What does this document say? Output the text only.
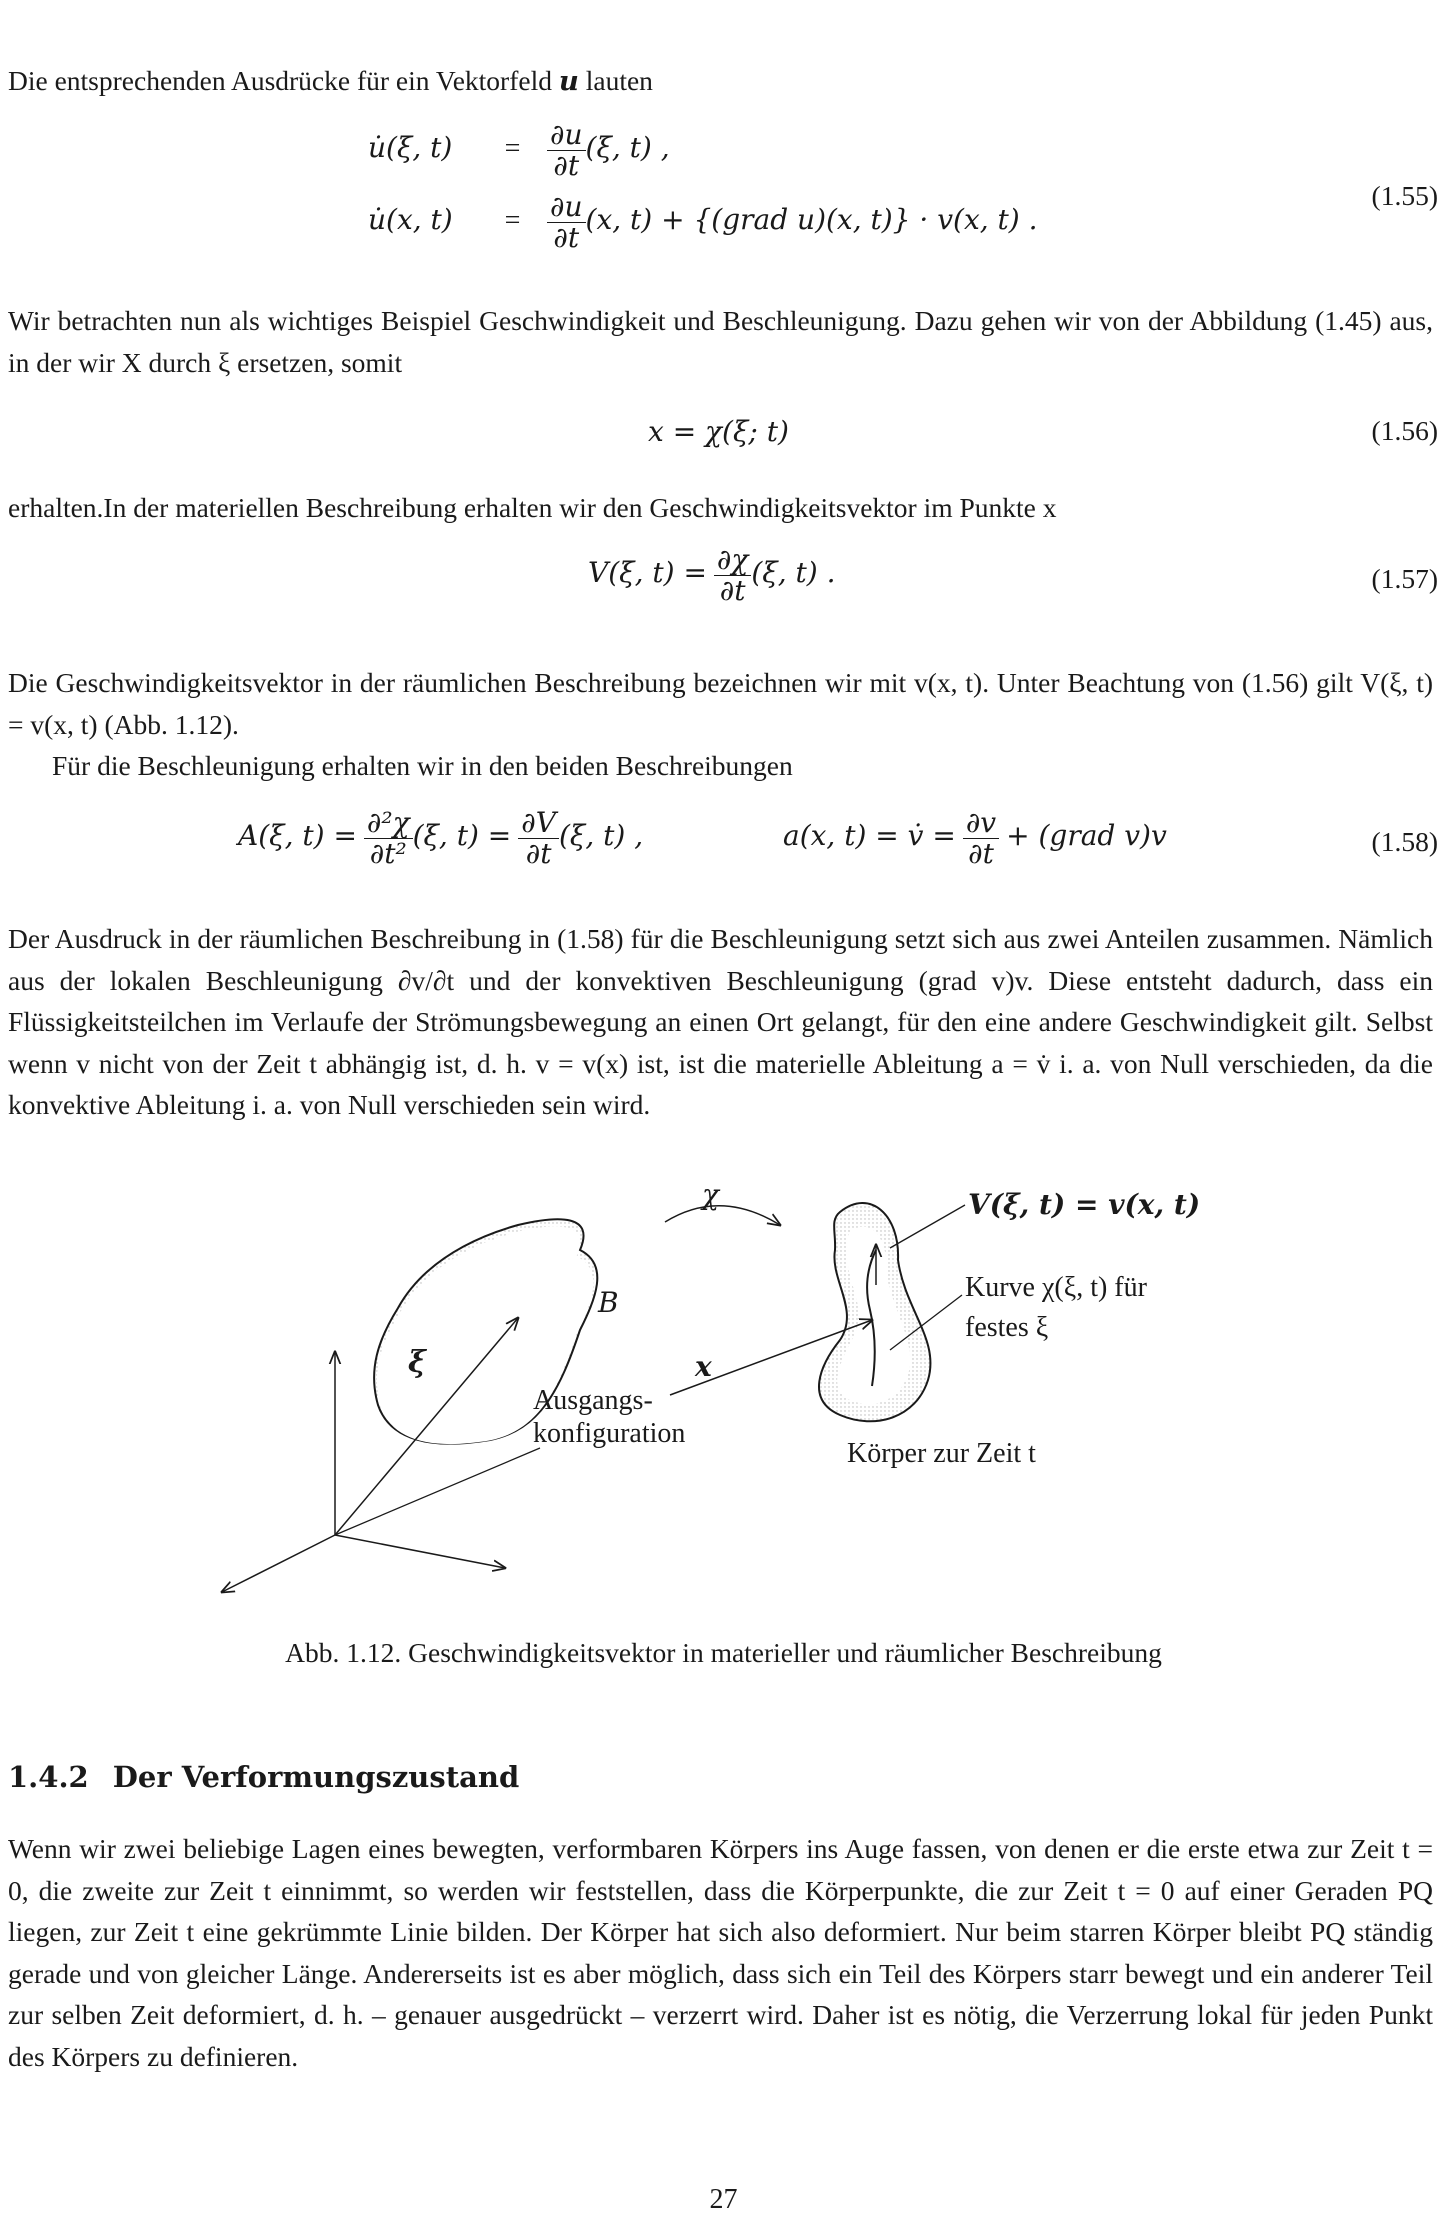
Die entsprechenden Ausdrücke für ein Vektorfeld u lauten

u̇(ξ, $t) = \frac{\partial u}{\partial t} (\xi$, t) ,
u̇(x, $t) = \frac{\partial u}{\partial t} (x$, t) + {(grad u)(x, t)} · v(x, t) .
(1.55)

Wir betrachten nun als wichtiges Beispiel Geschwindigkeit und Beschleunigung. Dazu gehen wir von der Abbildung (1.45) aus, in der wir X durch ξ ersetzen, somit

x = χ(ξ; t)	(1.56)

erhalten.In der materiellen Beschreibung erhalten wir den Geschwindigkeitsvektor im Punkte x

V(ξ, $t) = \frac{\partial\chi}{\partial t} (\xi$, t) .	(1.57)

Die Geschwindigkeitsvektor in der räumlichen Beschreibung bezeichnen wir mit v(x, t). Unter Beachtung von (1.56) gilt V(ξ, t) = v(x, t) (Abb. 1.12).

Für die Beschleunigung erhalten wir in den beiden Beschreibungen

A(ξ, $t) = \frac{\text{∂²χ}}{\text{∂t²}} (\xi$, $t) = \frac{\partial V}{\partial t} (\xi$, t) ,	a(x, t) = v̇ = $\frac{\partial v}{\partial t}$ + (grad v)v	(1.58)

Der Ausdruck in der räumlichen Beschreibung in (1.58) für die Beschleunigung setzt sich aus zwei Anteilen zusammen. Nämlich aus der lokalen Beschleunigung ∂v/∂t und der konvektiven Beschleunigung (grad v)v. Diese entsteht dadurch, dass ein Flüssigkeitsteilchen im Verlaufe der Strömungsbewegung an einen Ort gelangt, für den eine andere Geschwindigkeit gilt. Selbst wenn v nicht von der Zeit t abhängig ist, d. h. v = v(x) ist, ist die materielle Ableitung a = v̇ i. a. von Null verschieden, da die konvektive Ableitung i. a. von Null verschieden sein wird.

χ
B
ξ	x
Ausgangs-
konfiguration
V(ξ, t) = v(x, t)
Kurve χ(ξ, t) für
festes ξ
Körper zur Zeit t

Abb. 1.12. Geschwindigkeitsvektor in materieller und räumlicher Beschreibung

1.4.2 Der Verformungszustand

Wenn wir zwei beliebige Lagen eines bewegten, verformbaren Körpers ins Auge fassen, von denen er die erste etwa zur Zeit t = 0, die zweite zur Zeit t einnimmt, so werden wir feststellen, dass die Körperpunkte, die zur Zeit t = 0 auf einer Geraden PQ liegen, zur Zeit t eine gekrümmte Linie bilden. Der Körper hat sich also deformiert. Nur beim starren Körper bleibt PQ ständig gerade und von gleicher Länge. Andererseits ist es aber möglich, dass sich ein Teil des Körpers starr bewegt und ein anderer Teil zur selben Zeit deformiert, d. h. – genauer ausgedrückt – verzerrt wird. Daher ist es nötig, die Verzerrung lokal für jeden Punkt des Körpers zu definieren.

27
